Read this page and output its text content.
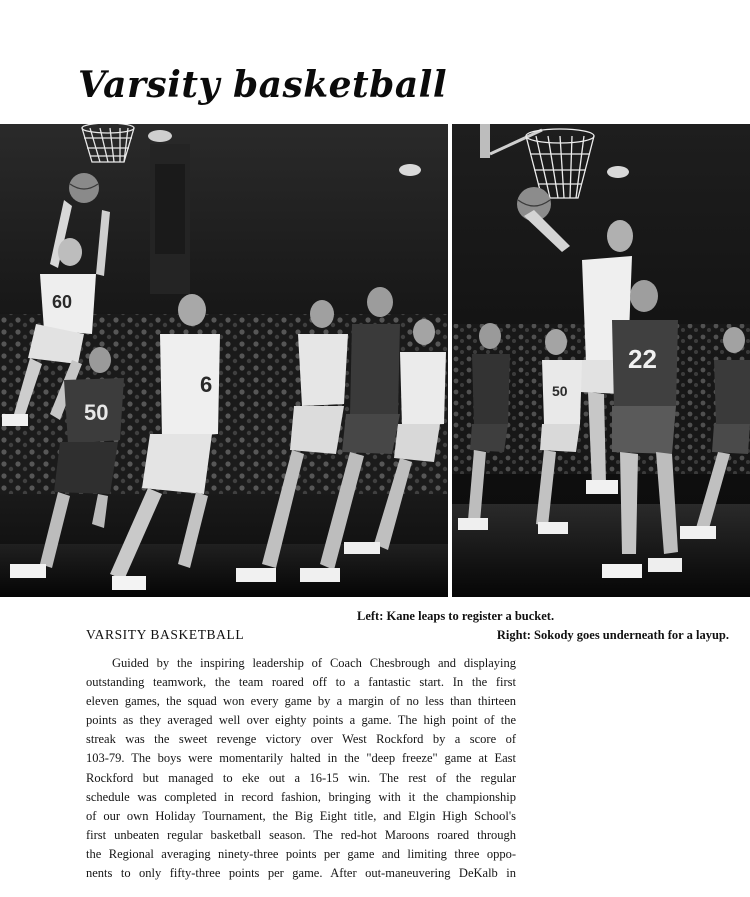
Varsity basketball
60
50
6
22
50
Left: Kane leaps to register a bucket.
VARSITY BASKETBALL	Right: Sokody goes underneath for a layup.
Guided by the inspiring leadership of Coach Chesbrough and displaying
outstanding teamwork, the team roared off to a fantastic start. In the first
eleven games, the squad won every game by a margin of no less than thirteen
points as they averaged well over eighty points a game. The high point of the
streak was the sweet revenge victory over West Rockford by a score of
103-79. The boys were momentarily halted in the "deep freeze" game at East
Rockford but managed to eke out a 16-15 win. The rest of the regular
schedule was completed in record fashion, bringing with it the championship
of our own Holiday Tournament, the Big Eight title, and Elgin High School's
first unbeaten regular basketball season. The red-hot Maroons roared through
the Regional averaging ninety-three points per game and limiting three oppo-
nents to only fifty-three points per game. After out-maneuvering DeKalb in
